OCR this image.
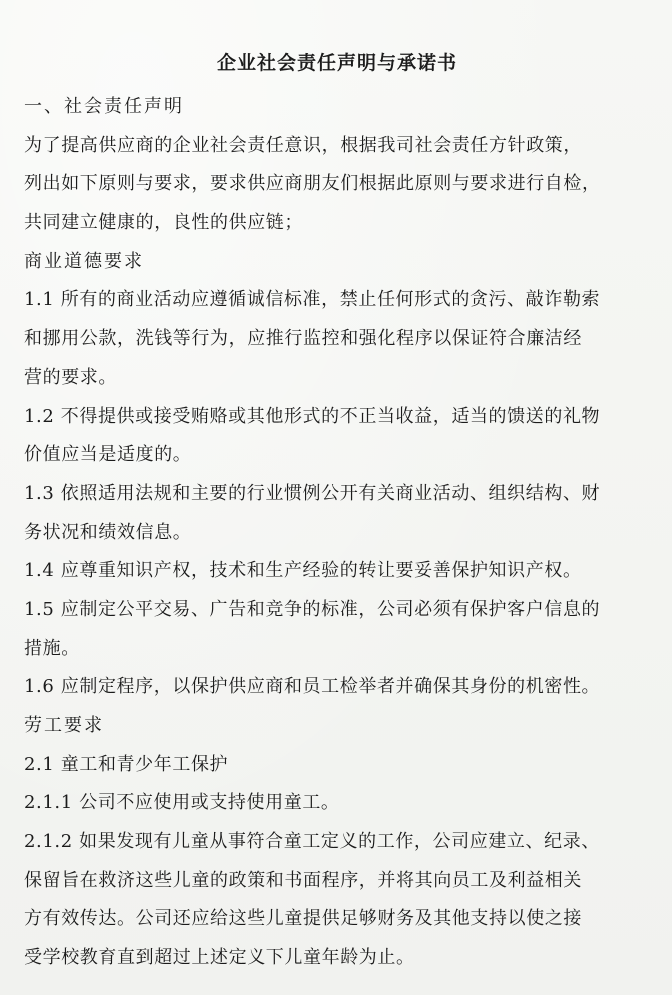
企业社会责任声明与承诺书
一、社会责任声明
为了提高供应商的企业社会责任意识，根据我司社会责任方针政策，
列出如下原则与要求，要求供应商朋友们根据此原则与要求进行自检，
共同建立健康的，良性的供应链；
商业道德要求
1.1 所有的商业活动应遵循诚信标准，禁止任何形式的贪污、敲诈勒索
和挪用公款，洗钱等行为，应推行监控和强化程序以保证符合廉洁经
营的要求。
1.2 不得提供或接受贿赂或其他形式的不正当收益，适当的馈送的礼物
价值应当是适度的。
1.3 依照适用法规和主要的行业惯例公开有关商业活动、组织结构、财
务状况和绩效信息。
1.4 应尊重知识产权，技术和生产经验的转让要妥善保护知识产权。
1.5 应制定公平交易、广告和竞争的标准，公司必须有保护客户信息的
措施。
1.6 应制定程序，以保护供应商和员工检举者并确保其身份的机密性。
劳工要求
2.1 童工和青少年工保护
2.1.1 公司不应使用或支持使用童工。
2.1.2 如果发现有儿童从事符合童工定义的工作，公司应建立、纪录、
保留旨在救济这些儿童的政策和书面程序，并将其向员工及利益相关
方有效传达。公司还应给这些儿童提供足够财务及其他支持以使之接
受学校教育直到超过上述定义下儿童年龄为止。
